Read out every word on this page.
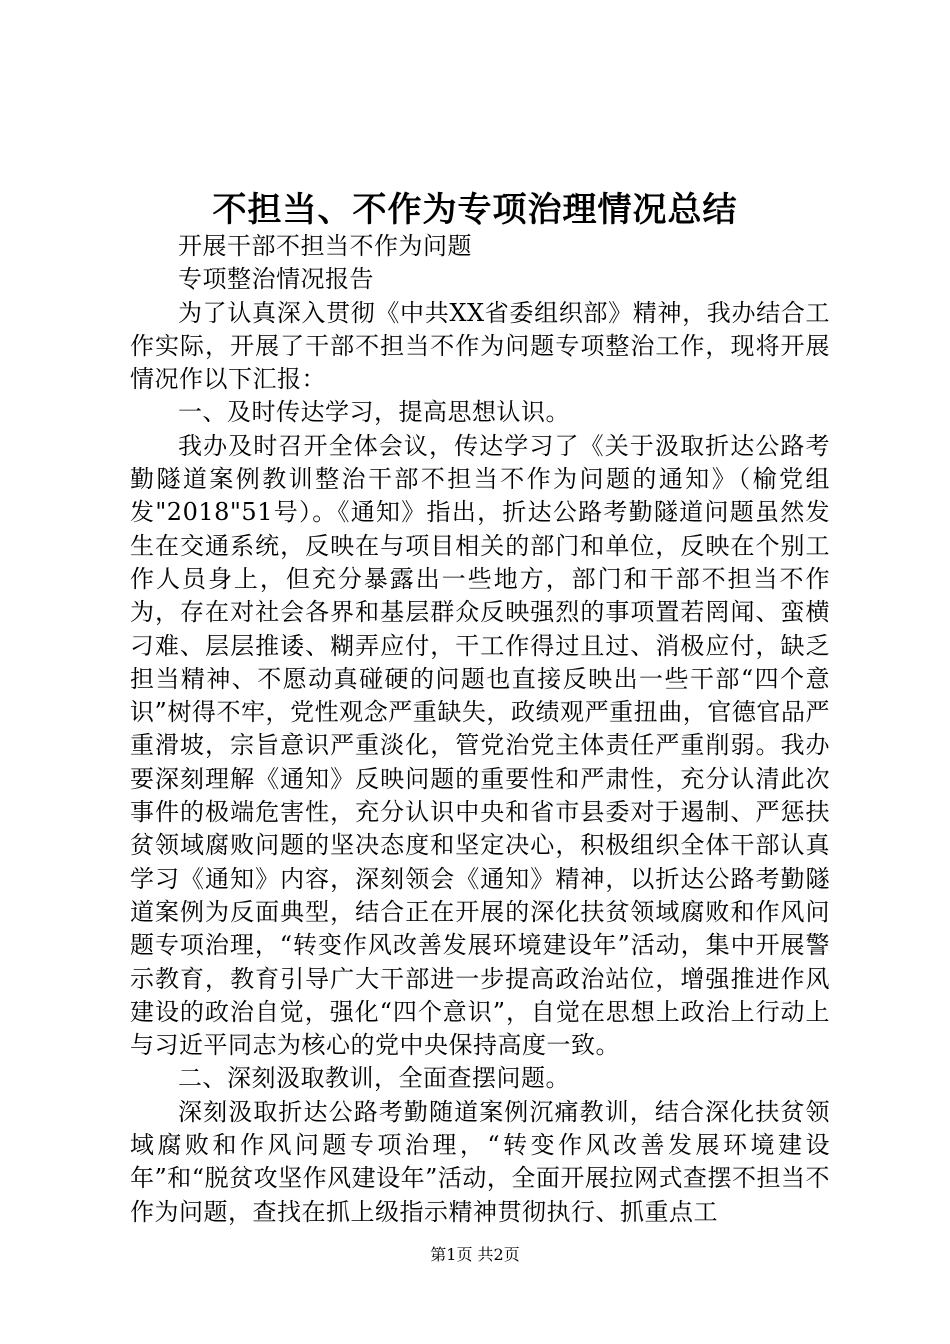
不担当、不作为专项治理情况总结

开展干部不担当不作为问题

专项整治情况报告

为了认真深入贯彻《中共XX省委组织部》精神，我办结合工作实际，开展了干部不担当不作为问题专项整治工作，现将开展情况作以下汇报：

一、及时传达学习，提高思想认识。

我办及时召开全体会议，传达学习了《关于汲取折达公路考勤隧道案例教训整治干部不担当不作为问题的通知》（榆党组发"2018"51号）。《通知》指出，折达公路考勤隧道问题虽然发生在交通系统，反映在与项目相关的部门和单位，反映在个别工作人员身上，但充分暴露出一些地方，部门和干部不担当不作为，存在对社会各界和基层群众反映强烈的事项置若罔闻、蛮横刁难、层层推诿、糊弄应付，干工作得过且过、消极应付，缺乏担当精神、不愿动真碰硬的问题也直接反映出一些干部“四个意识”树得不牢，党性观念严重缺失，政绩观严重扭曲，官德官品严重滑坡，宗旨意识严重淡化，管党治党主体责任严重削弱。我办要深刻理解《通知》反映问题的重要性和严肃性，充分认清此次事件的极端危害性，充分认识中央和省市县委对于遏制、严惩扶贫领域腐败问题的坚决态度和坚定决心，积极组织全体干部认真学习《通知》内容，深刻领会《通知》精神，以折达公路考勤隧道案例为反面典型，结合正在开展的深化扶贫领域腐败和作风问题专项治理，“转变作风改善发展环境建设年”活动，集中开展警示教育，教育引导广大干部进一步提高政治站位，增强推进作风建设的政治自觉，强化“四个意识”，自觉在思想上政治上行动上与习近平同志为核心的党中央保持高度一致。

二、深刻汲取教训，全面查摆问题。

深刻汲取折达公路考勤随道案例沉痛教训，结合深化扶贫领域腐败和作风问题专项治理，“转变作风改善发展环境建设年”和“脱贫攻坚作风建设年”活动，全面开展拉网式查摆不担当不作为问题，查找在抓上级指示精神贯彻执行、抓重点工

第1页 共2页
